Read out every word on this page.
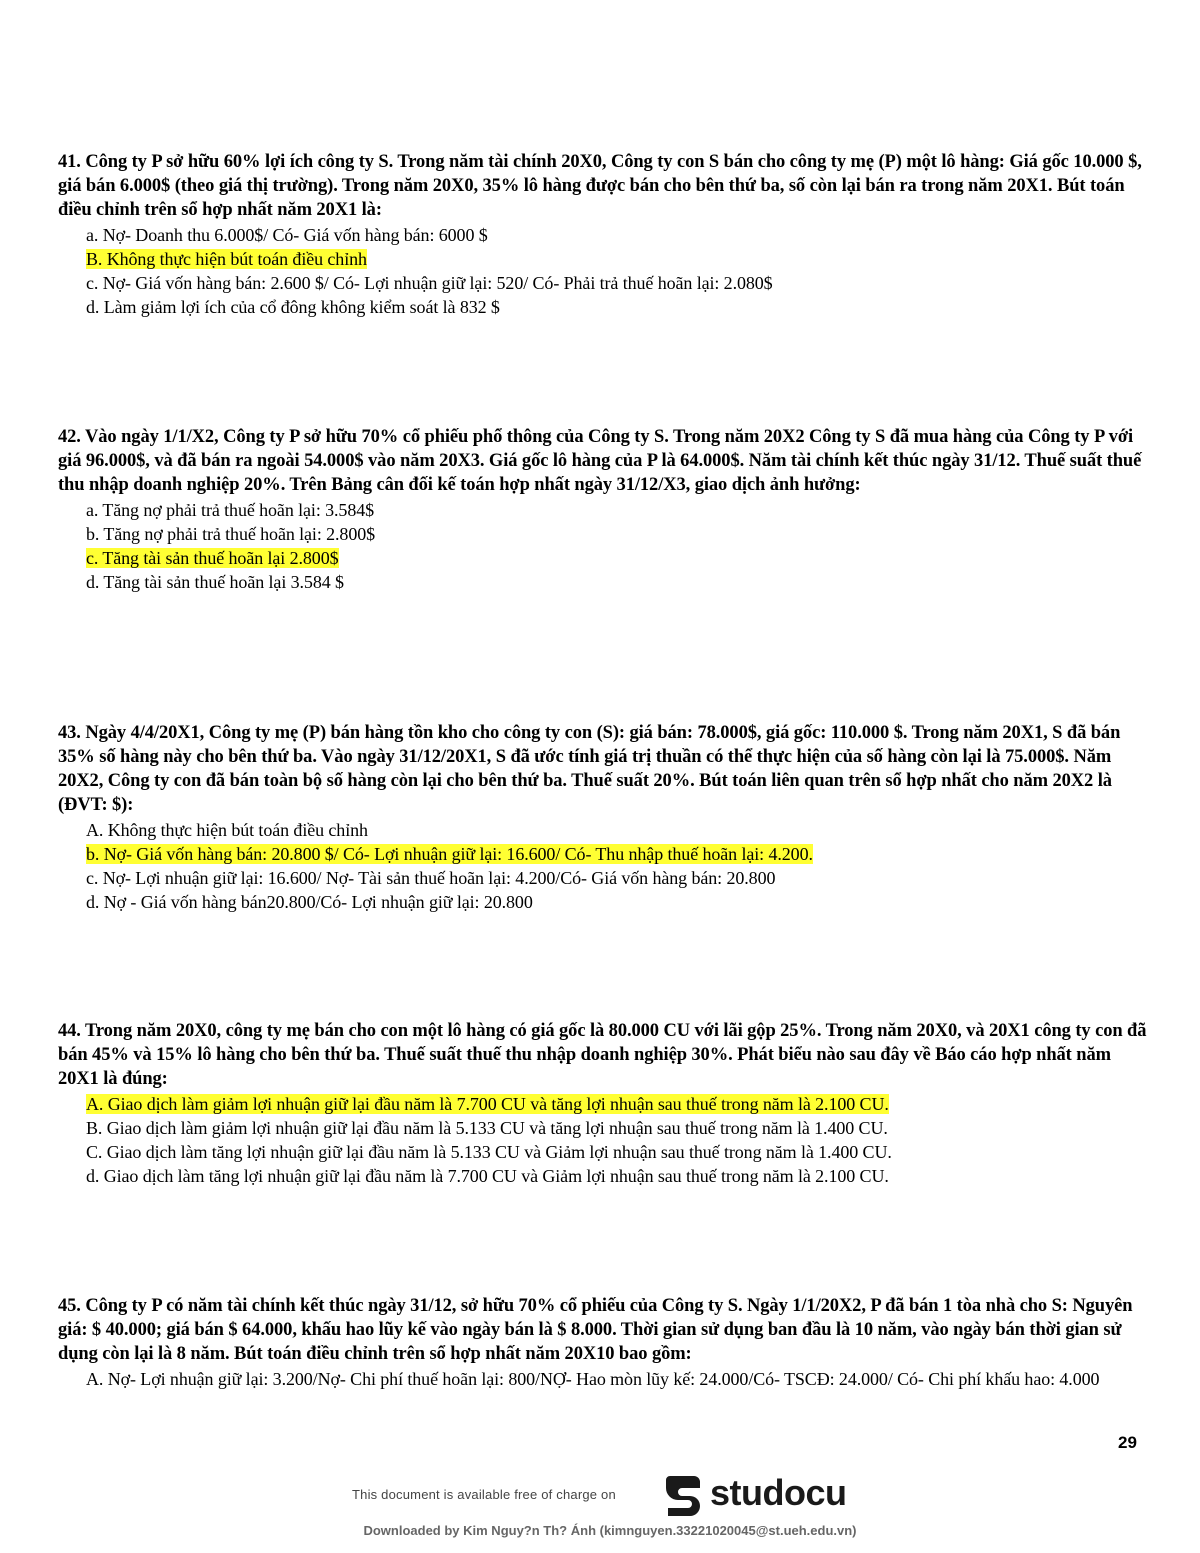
41. Công ty P sở hữu 60% lợi ích công ty S. Trong năm tài chính 20X0, Công ty con S bán cho công ty mẹ (P) một lô hàng: Giá gốc 10.000 $, giá bán 6.000$ (theo giá thị trường). Trong năm 20X0, 35% lô hàng được bán cho bên thứ ba, số còn lại bán ra trong năm 20X1. Bút toán điều chỉnh trên sổ hợp nhất năm 20X1 là:

a. Nợ- Doanh thu 6.000$/ Có- Giá vốn hàng bán: 6000 $
B. Không thực hiện bút toán điều chỉnh
c. Nợ- Giá vốn hàng bán: 2.600 $/ Có- Lợi nhuận giữ lại: 520/ Có- Phải trả thuế hoãn lại: 2.080$
d. Làm giảm lợi ích của cổ đông không kiểm soát là 832 $

42. Vào ngày 1/1/X2, Công ty P sở hữu 70% cổ phiếu phổ thông của Công ty S. Trong năm 20X2 Công ty S đã mua hàng của Công ty P với giá 96.000$, và đã bán ra ngoài 54.000$ vào năm 20X3. Giá gốc lô hàng của P là 64.000$. Năm tài chính kết thúc ngày 31/12. Thuế suất thuế thu nhập doanh nghiệp 20%. Trên Bảng cân đối kế toán hợp nhất ngày 31/12/X3, giao dịch ảnh hưởng:

a. Tăng nợ phải trả thuế hoãn lại: 3.584$
b. Tăng nợ phải trả thuế hoãn lại: 2.800$
c. Tăng tài sản thuế hoãn lại 2.800$
d. Tăng tài sản thuế hoãn lại 3.584 $

43. Ngày 4/4/20X1, Công ty mẹ (P) bán hàng tồn kho cho công ty con (S): giá bán: 78.000$, giá gốc: 110.000 $. Trong năm 20X1, S đã bán 35% số hàng này cho bên thứ ba. Vào ngày 31/12/20X1, S đã ước tính giá trị thuần có thể thực hiện của số hàng còn lại là 75.000$. Năm 20X2, Công ty con đã bán toàn bộ số hàng còn lại cho bên thứ ba. Thuế suất 20%. Bút toán liên quan trên sổ hợp nhất cho năm 20X2 là (ĐVT: $):

A. Không thực hiện bút toán điều chỉnh
b. Nợ- Giá vốn hàng bán: 20.800 $/ Có- Lợi nhuận giữ lại: 16.600/ Có- Thu nhập thuế hoãn lại: 4.200.
c. Nợ- Lợi nhuận giữ lại: 16.600/ Nợ- Tài sản thuế hoãn lại: 4.200/Có- Giá vốn hàng bán: 20.800
d. Nợ - Giá vốn hàng bán20.800/Có- Lợi nhuận giữ lại: 20.800

44. Trong năm 20X0, công ty mẹ bán cho con một lô hàng có giá gốc là 80.000 CU với lãi gộp 25%. Trong năm 20X0, và 20X1 công ty con đã bán 45% và 15% lô hàng cho bên thứ ba. Thuế suất thuế thu nhập doanh nghiệp 30%. Phát biểu nào sau đây về Báo cáo hợp nhất năm 20X1 là đúng:

A. Giao dịch làm giảm lợi nhuận giữ lại đầu năm là 7.700 CU và tăng lợi nhuận sau thuế trong năm là 2.100 CU.
B. Giao dịch làm giảm lợi nhuận giữ lại đầu năm là 5.133 CU và tăng lợi nhuận sau thuế trong năm là 1.400 CU.
C. Giao dịch làm tăng lợi nhuận giữ lại đầu năm là 5.133 CU và Giảm lợi nhuận sau thuế trong năm là 1.400 CU.
d. Giao dịch làm tăng lợi nhuận giữ lại đầu năm là 7.700 CU và Giảm lợi nhuận sau thuế trong năm là 2.100 CU.

45. Công ty P có năm tài chính kết thúc ngày 31/12, sở hữu 70% cổ phiếu của Công ty S. Ngày 1/1/20X2, P đã bán 1 tòa nhà cho S: Nguyên giá: $ 40.000; giá bán $ 64.000, khấu hao lũy kế vào ngày bán là $ 8.000. Thời gian sử dụng ban đầu là 10 năm, vào ngày bán thời gian sử dụng còn lại là 8 năm. Bút toán điều chỉnh trên sổ hợp nhất năm 20X10 bao gồm:

A. Nợ- Lợi nhuận giữ lại: 3.200/Nợ- Chi phí thuế hoãn lại: 800/NỢ- Hao mòn lũy kế: 24.000/Có- TSCĐ: 24.000/ Có- Chi phí khấu hao: 4.000
29
This document is available free of charge on	studocu
Downloaded by Kim Nguy?n Th? Ánh (kimnguyen.33221020045@st.ueh.edu.vn)
